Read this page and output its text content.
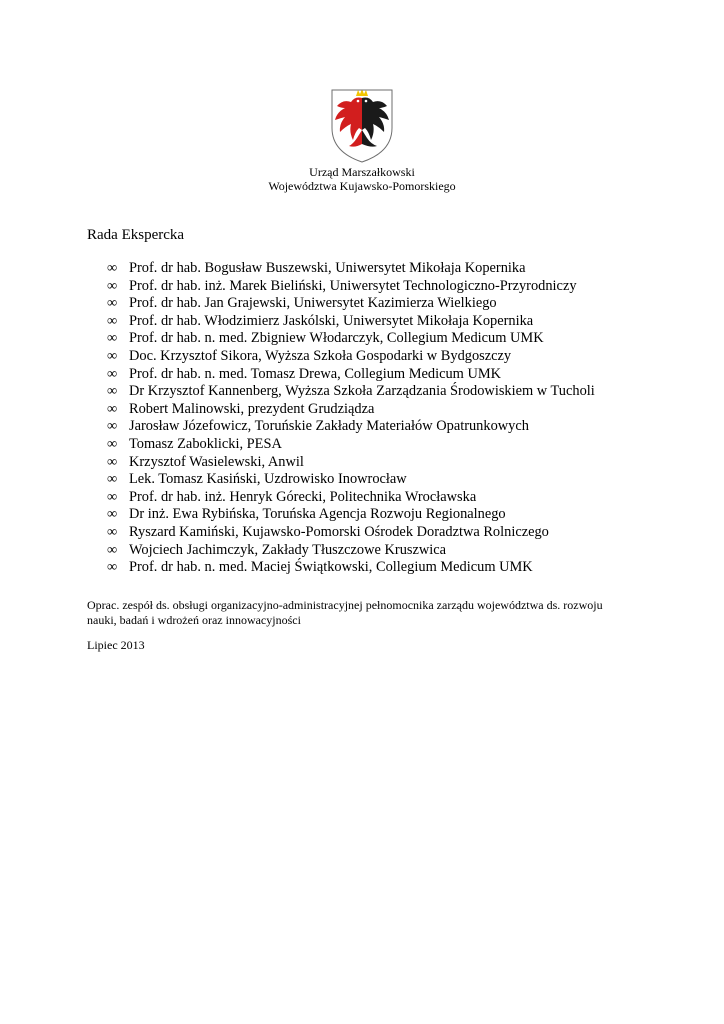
Urząd Marszałkowski
Województwa Kujawsko-Pomorskiego
Rada Ekspercka
∞ Prof. dr hab. Bogusław Buszewski, Uniwersytet Mikołaja Kopernika
∞ Prof. dr hab. inż. Marek Bieliński, Uniwersytet Technologiczno-Przyrodniczy
∞ Prof. dr hab. Jan Grajewski, Uniwersytet Kazimierza Wielkiego
∞ Prof. dr hab. Włodzimierz Jaskólski, Uniwersytet Mikołaja Kopernika
∞ Prof. dr hab. n. med. Zbigniew Włodarczyk, Collegium Medicum UMK
∞ Doc. Krzysztof Sikora, Wyższa Szkoła Gospodarki w Bydgoszczy
∞ Prof. dr hab. n. med. Tomasz Drewa, Collegium Medicum UMK
∞ Dr Krzysztof Kannenberg, Wyższa Szkoła Zarządzania Środowiskiem w Tucholi
∞ Robert Malinowski, prezydent Grudziądza
∞ Jarosław Józefowicz, Toruńskie Zakłady Materiałów Opatrunkowych
∞ Tomasz Zaboklicki, PESA
∞ Krzysztof Wasielewski, Anwil
∞ Lek. Tomasz Kasiński, Uzdrowisko Inowrocław
∞ Prof. dr hab. inż. Henryk Górecki, Politechnika Wrocławska
∞ Dr inż. Ewa Rybińska, Toruńska Agencja Rozwoju Regionalnego
∞ Ryszard Kamiński, Kujawsko-Pomorski Ośrodek Doradztwa Rolniczego
∞ Wojciech Jachimczyk, Zakłady Tłuszczowe Kruszwica
∞ Prof. dr hab. n. med. Maciej Świątkowski, Collegium Medicum UMK
Oprac. zespół ds. obsługi organizacyjno-administracyjnej pełnomocnika zarządu województwa ds. rozwoju nauki, badań i wdrożeń oraz innowacyjności
Lipiec 2013
